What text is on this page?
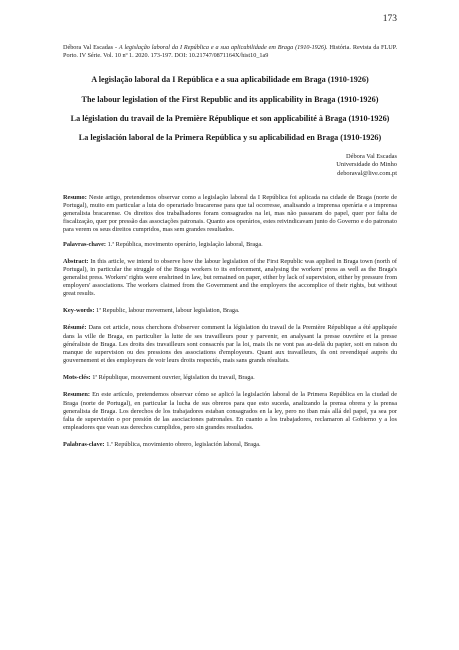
173
Débora Val Escadas - A legislação laboral da I República e a sua aplicabilidade em Braga (1910-1926). História. Revista da FLUP. Porto. IV Série. Vol. 10 nº 1. 2020. 173-197. DOI: 10.21747/0871164X/hist10_1a9

A legislação laboral da I República e a sua aplicabilidade em Braga (1910-1926)

The labour legislation of the First Republic and its applicability in Braga (1910-1926)

La législation du travail de la Première République et son applicabilité à Braga (1910-1926)

La legislación laboral de la Primera República y su aplicabilidad en Braga (1910-1926)

Débora Val Escadas
Universidade do Minho
deboraval@live.com.pt

Resumo: Neste artigo, pretendemos observar como a legislação laboral da I República foi aplicada na cidade de Braga (norte de Portugal), muito em particular a luta do operariado bracarense para que tal ocorresse, analisando a imprensa operária e a imprensa generalista bracarense. Os direitos dos trabalhadores foram consagrados na lei, mas não passaram do papel, quer por falta de fiscalização, quer por pressão das associações patronais. Quanto aos operários, estes reivindicavam junto do Governo e do patronato para verem os seus direitos cumpridos, mas sem grandes resultados.

Palavras-chave: 1.ª República, movimento operário, legislação laboral, Braga.

Abstract: In this article, we intend to observe how the labour legislation of the First Republic was applied in Braga town (north of Portugal), in particular the struggle of the Braga workers to its enforcement, analysing the workers' press as well as the Braga's generalist press. Workers' rights were enshrined in law, but remained on paper, either by lack of supervision, either by pressure from employers' associations. The workers claimed from the Government and the employers the accomplice of their rights, but without great results.

Key-words: 1ª Republic, labour movement, labour legislation, Braga.

Résumé: Dans cet article, nous cherchons d'observer comment la législation du travail de la Première République a été appliquée dans la ville de Braga, en particulier la lutte de ses travailleurs pour y parvenir, en analysant la presse ouvrière et la presse généraliste de Braga. Les droits des travailleurs sont consacrés par la loi, mais ils ne vont pas au-delà du papier, soit en raison du manque de supervision ou des pressions des associations d'employeurs. Quant aux travailleurs, ils ont revendiqué auprès du gouvernement et des employeurs de voir leurs droits respectés, mais sans grands résultats.

Mots-clés: 1ª République, mouvement ouvrier, législation du travail, Braga.

Resumen: En este artículo, pretendemos observar cómo se aplicó la legislación laboral de la Primera República en la ciudad de Braga (norte de Portugal), en particular la lucha de sus obreros para que esto suceda, analizando la prensa obrera y la prensa generalista de Braga. Los derechos de los trabajadores estaban consagrados en la ley, pero no iban más allá del papel, ya sea por falta de supervisión o por presión de las asociaciones patronales. En cuanto a los trabajadores, reclamaron al Gobierno y a los empleadores que vean sus derechos cumplidos, pero sin grandes resultados.

Palabras-clave: 1.ª República, movimiento obrero, legislación laboral, Braga.
